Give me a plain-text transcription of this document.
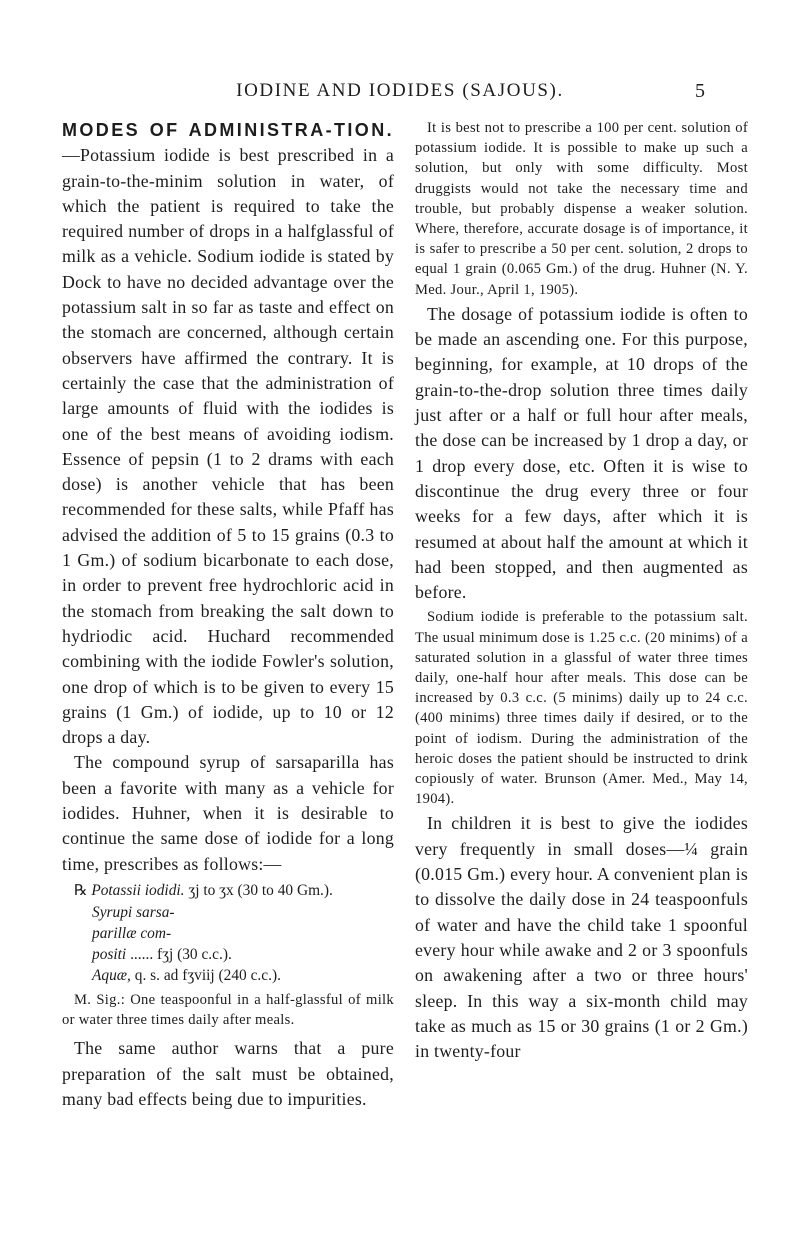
IODINE AND IODIDES (SAJOUS).	5

MODES OF ADMINISTRA-TION.—Potassium iodide is best prescribed in a grain-to-the-minim solution in water, of which the patient is required to take the required number of drops in a halfglassful of milk as a vehicle. Sodium iodide is stated by Dock to have no decided advantage over the potassium salt in so far as taste and effect on the stomach are concerned, although certain observers have affirmed the contrary. It is certainly the case that the administration of large amounts of fluid with the iodides is one of the best means of avoiding iodism. Essence of pepsin (1 to 2 drams with each dose) is another vehicle that has been recommended for these salts, while Pfaff has advised the addition of 5 to 15 grains (0.3 to 1 Gm.) of sodium bicarbonate to each dose, in order to prevent free hydrochloric acid in the stomach from breaking the salt down to hydriodic acid. Huchard recommended combining with the iodide Fowler's solution, one drop of which is to be given to every 15 grains (1 Gm.) of iodide, up to 10 or 12 drops a day.

The compound syrup of sarsaparilla has been a favorite with many as a vehicle for iodides. Huhner, when it is desirable to continue the same dose of iodide for a long time, prescribes as follows:—

℞ Potassii iodidi. ʒj to ʒx (30 to 40 Gm.).
Syrupi sarsa-
parillæ com-
positi ...... fʒj (30 c.c.).
Aquæ, q. s. ad fʒviij (240 c.c.).

M. Sig.: One teaspoonful in a half-glassful of milk or water three times daily after meals.

The same author warns that a pure preparation of the salt must be obtained, many bad effects being due to impurities.

It is best not to prescribe a 100 per cent. solution of potassium iodide. It is possible to make up such a solution, but only with some difficulty. Most druggists would not take the necessary time and trouble, but probably dispense a weaker solution. Where, therefore, accurate dosage is of importance, it is safer to prescribe a 50 per cent. solution, 2 drops to equal 1 grain (0.065 Gm.) of the drug. Huhner (N. Y. Med. Jour., April 1, 1905).

The dosage of potassium iodide is often to be made an ascending one. For this purpose, beginning, for example, at 10 drops of the grain-to-the-drop solution three times daily just after or a half or full hour after meals, the dose can be increased by 1 drop a day, or 1 drop every dose, etc. Often it is wise to discontinue the drug every three or four weeks for a few days, after which it is resumed at about half the amount at which it had been stopped, and then augmented as before.

Sodium iodide is preferable to the potassium salt. The usual minimum dose is 1.25 c.c. (20 minims) of a saturated solution in a glassful of water three times daily, one-half hour after meals. This dose can be increased by 0.3 c.c. (5 minims) daily up to 24 c.c. (400 minims) three times daily if desired, or to the point of iodism. During the administration of the heroic doses the patient should be instructed to drink copiously of water. Brunson (Amer. Med., May 14, 1904).

In children it is best to give the iodides very frequently in small doses—¼ grain (0.015 Gm.) every hour. A convenient plan is to dissolve the daily dose in 24 teaspoonfuls of water and have the child take 1 spoonful every hour while awake and 2 or 3 spoonfuls on awakening after a two or three hours' sleep. In this way a six-month child may take as much as 15 or 30 grains (1 or 2 Gm.) in twenty-four
